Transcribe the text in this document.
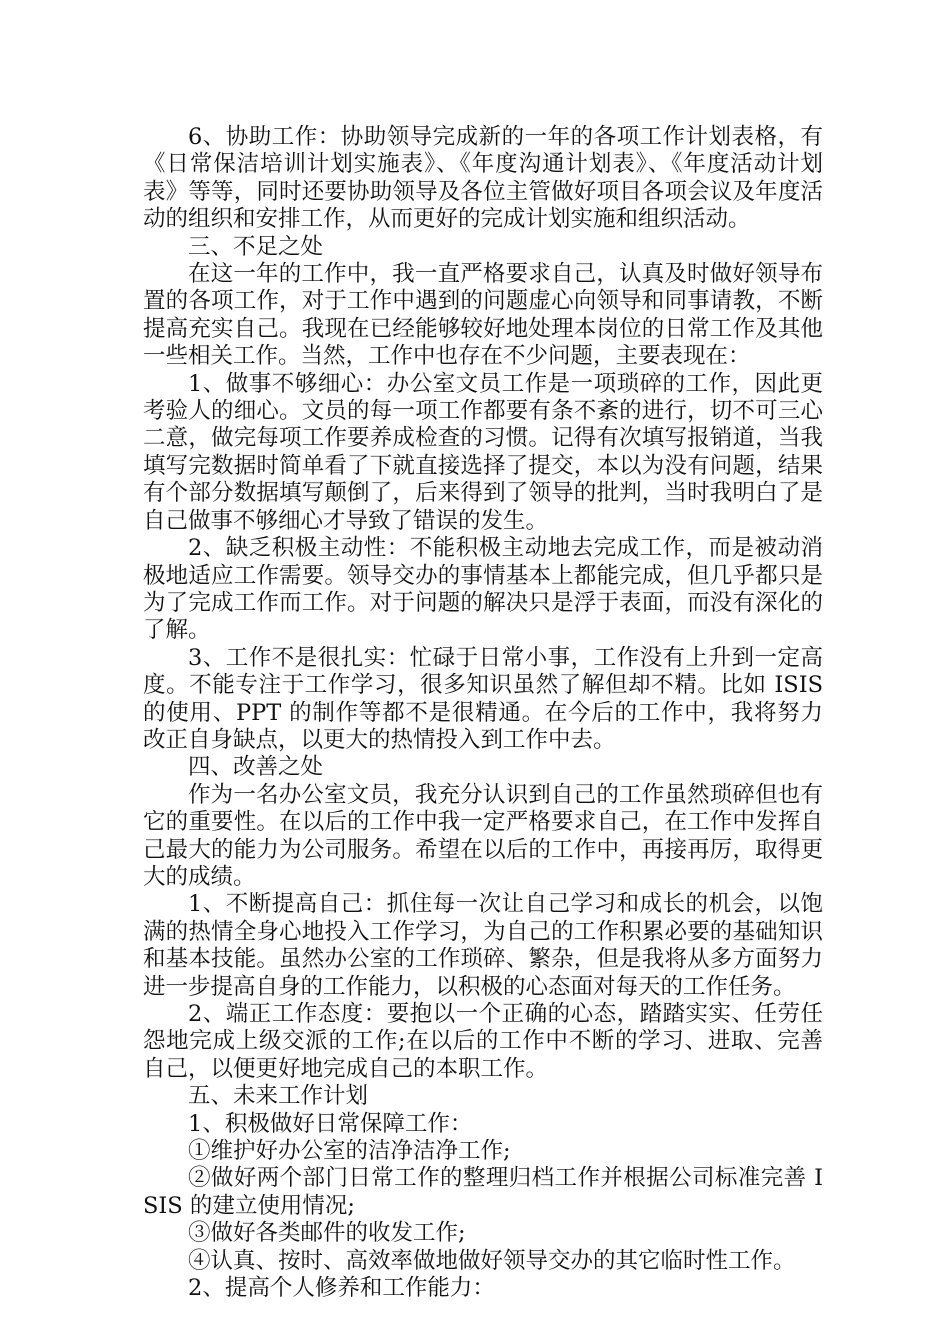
6、协助工作：协助领导完成新的一年的各项工作计划表格，有《日常保洁培训计划实施表》、《年度沟通计划表》、《年度活动计划表》等等，同时还要协助领导及各位主管做好项目各项会议及年度活动的组织和安排工作，从而更好的完成计划实施和组织活动。

三、不足之处

在这一年的工作中，我一直严格要求自己，认真及时做好领导布置的各项工作，对于工作中遇到的问题虚心向领导和同事请教，不断提高充实自己。我现在已经能够较好地处理本岗位的日常工作及其他一些相关工作。当然，工作中也存在不少问题，主要表现在：

1、做事不够细心：办公室文员工作是一项琐碎的工作，因此更考验人的细心。文员的每一项工作都要有条不紊的进行，切不可三心二意，做完每项工作要养成检查的习惯。记得有次填写报销道，当我填写完数据时简单看了下就直接选择了提交，本以为没有问题，结果有个部分数据填写颠倒了，后来得到了领导的批判，当时我明白了是自己做事不够细心才导致了错误的发生。

2、缺乏积极主动性：不能积极主动地去完成工作，而是被动消极地适应工作需要。领导交办的事情基本上都能完成，但几乎都只是为了完成工作而工作。对于问题的解决只是浮于表面，而没有深化的了解。

3、工作不是很扎实：忙碌于日常小事，工作没有上升到一定高度。不能专注于工作学习，很多知识虽然了解但却不精。比如 ISIS 的使用、PPT 的制作等都不是很精通。在今后的工作中，我将努力改正自身缺点，以更大的热情投入到工作中去。

四、改善之处

作为一名办公室文员，我充分认识到自己的工作虽然琐碎但也有它的重要性。在以后的工作中我一定严格要求自己，在工作中发挥自己最大的能力为公司服务。希望在以后的工作中，再接再厉，取得更大的成绩。

1、不断提高自己：抓住每一次让自己学习和成长的机会，以饱满的热情全身心地投入工作学习，为自己的工作积累必要的基础知识和基本技能。虽然办公室的工作琐碎、繁杂，但是我将从多方面努力进一步提高自身的工作能力，以积极的心态面对每天的工作任务。

2、端正工作态度：要抱以一个正确的心态，踏踏实实、任劳任怨地完成上级交派的工作;在以后的工作中不断的学习、进取、完善自己，以便更好地完成自己的本职工作。

五、未来工作计划

1、积极做好日常保障工作：

①维护好办公室的洁净洁净工作;

②做好两个部门日常工作的整理归档工作并根据公司标准完善 ISIS 的建立使用情况;

③做好各类邮件的收发工作;

④认真、按时、高效率做地做好领导交办的其它临时性工作。

2、提高个人修养和工作能力：
